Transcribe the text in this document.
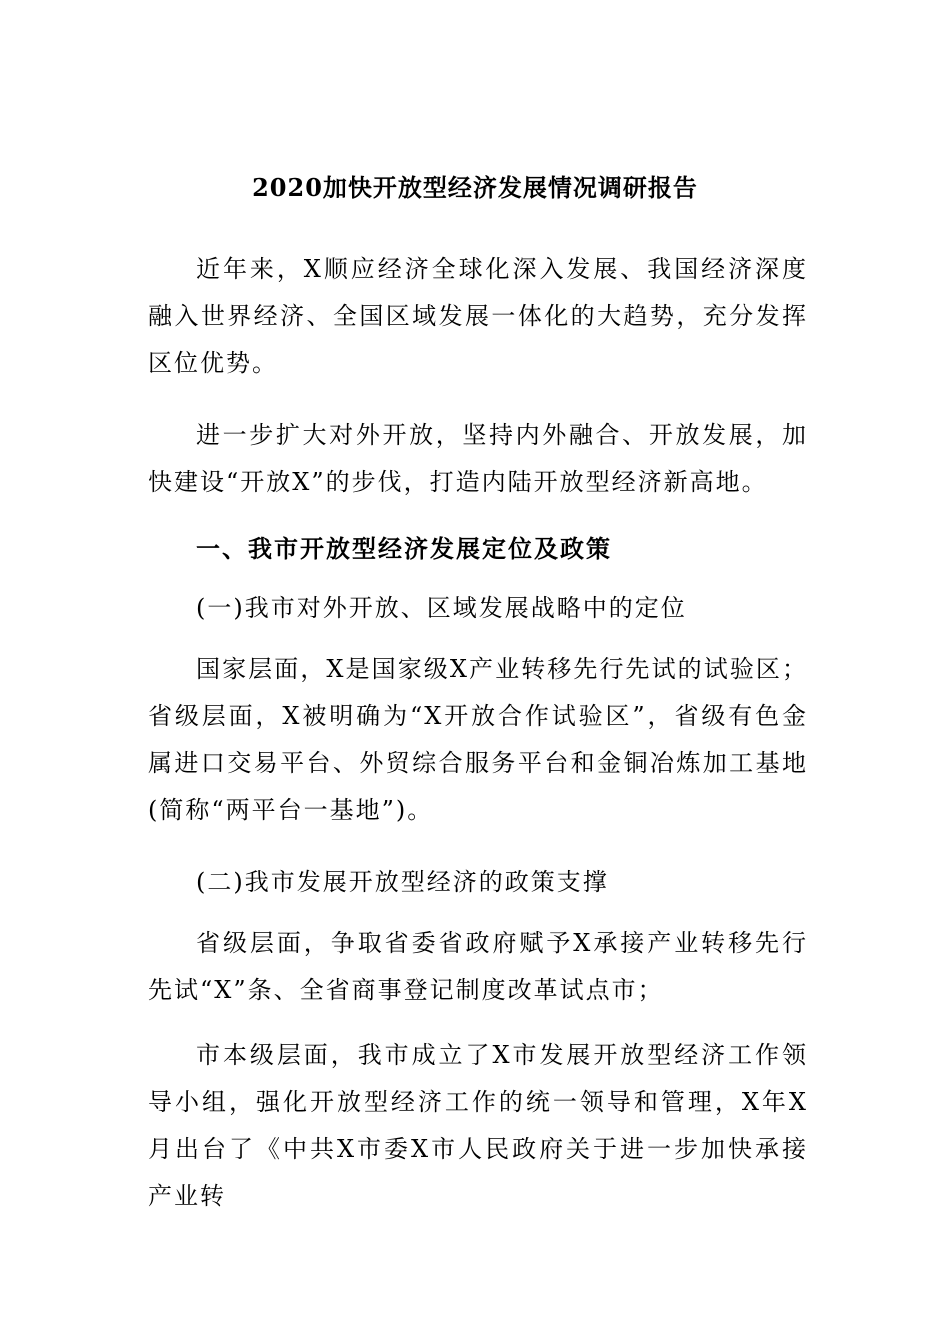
2020加快开放型经济发展情况调研报告

近年来，X顺应经济全球化深入发展、我国经济深度融入世界经济、全国区域发展一体化的大趋势，充分发挥区位优势。

进一步扩大对外开放，坚持内外融合、开放发展，加快建设“开放X”的步伐，打造内陆开放型经济新高地。

一、我市开放型经济发展定位及政策

(一)我市对外开放、区域发展战略中的定位

国家层面，X是国家级X产业转移先行先试的试验区；省级层面，X被明确为“X开放合作试验区”，省级有色金属进口交易平台、外贸综合服务平台和金铜冶炼加工基地(简称“两平台一基地”)。

(二)我市发展开放型经济的政策支撑

省级层面，争取省委省政府赋予X承接产业转移先行先试“X”条、全省商事登记制度改革试点市；

市本级层面，我市成立了X市发展开放型经济工作领导小组，强化开放型经济工作的统一领导和管理，X年X月出台了《中共X市委X市人民政府关于进一步加快承接产业转
